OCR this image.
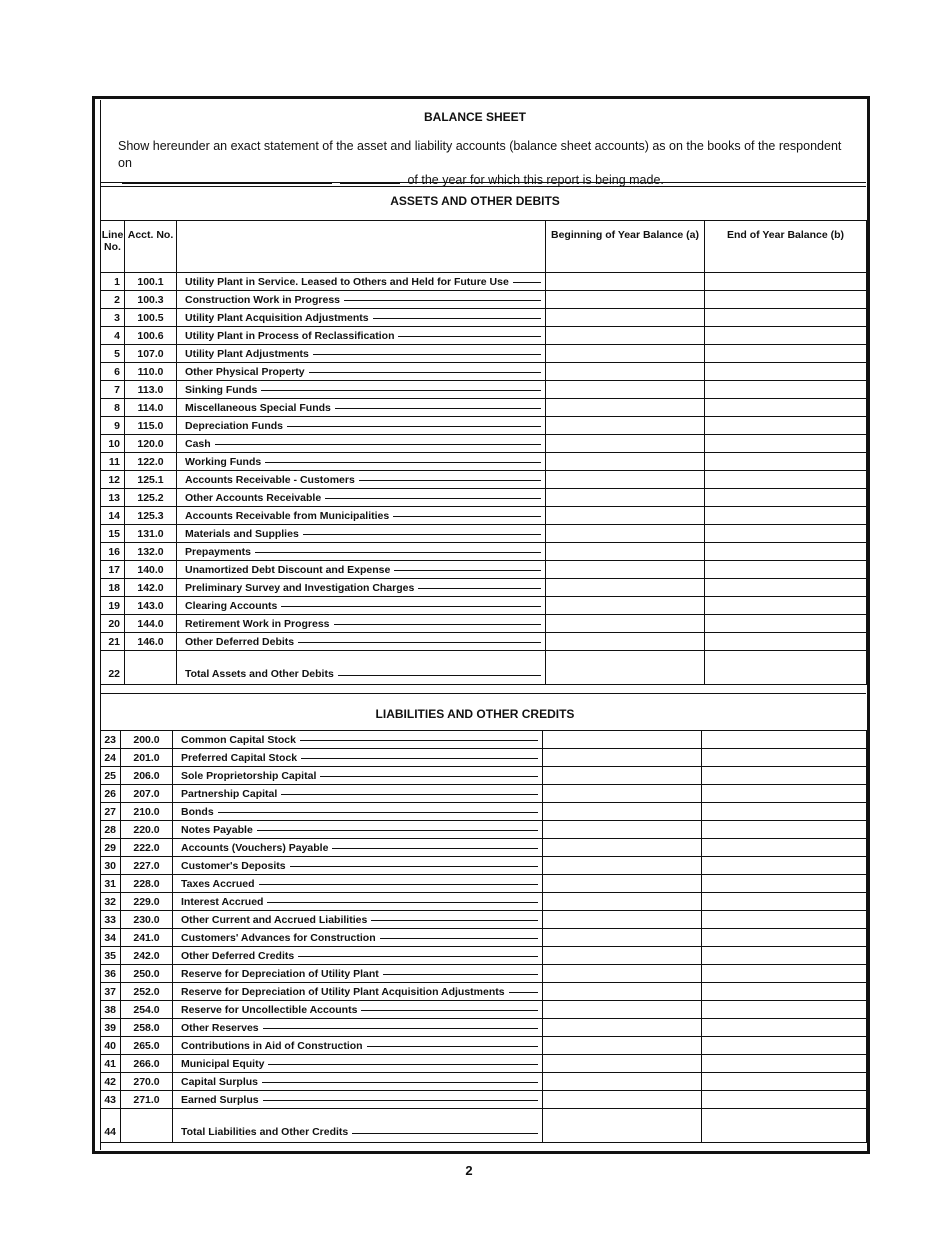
BALANCE SHEET
Show hereunder an exact statement of the asset and liability accounts (balance sheet accounts) as on the books of the respondent on
of the year for which this report is being made.
ASSETS AND OTHER DEBITS
Line No.	Acct. No.		Beginning of Year Balance (a)	End of Year Balance (b)
1	100.1	Utility Plant in Service. Leased to Others and Held for Future Use		

2	100.3	Construction Work in Progress		

3	100.5	Utility Plant Acquisition Adjustments		

4	100.6	Utility Plant in Process of Reclassification		

5	107.0	Utility Plant Adjustments		

6	110.0	Other Physical Property		

7	113.0	Sinking Funds		

8	114.0	Miscellaneous Special Funds		

9	115.0	Depreciation Funds		

10	120.0	Cash		

11	122.0	Working Funds		

12	125.1	Accounts Receivable - Customers		

13	125.2	Other Accounts Receivable		

14	125.3	Accounts Receivable from Municipalities		

15	131.0	Materials and Supplies		

16	132.0	Prepayments		

17	140.0	Unamortized Debt Discount and Expense		

18	142.0	Preliminary Survey and Investigation Charges		

19	143.0	Clearing Accounts		

20	144.0	Retirement Work in Progress		

21	146.0	Other Deferred Debits		

22		Total Assets and Other Debits		

LIABILITIES AND OTHER CREDITS
23	200.0	Common Capital Stock		

24	201.0	Preferred Capital Stock		

25	206.0	Sole Proprietorship Capital		

26	207.0	Partnership Capital		

27	210.0	Bonds		

28	220.0	Notes Payable		

29	222.0	Accounts (Vouchers) Payable		

30	227.0	Customer's Deposits		

31	228.0	Taxes Accrued		

32	229.0	Interest Accrued		

33	230.0	Other Current and Accrued Liabilities		

34	241.0	Customers' Advances for Construction		

35	242.0	Other Deferred Credits		

36	250.0	Reserve for Depreciation of Utility Plant		

37	252.0	Reserve for Depreciation of Utility Plant Acquisition Adjustments		

38	254.0	Reserve for Uncollectible Accounts		

39	258.0	Other Reserves		

40	265.0	Contributions in Aid of Construction		

41	266.0	Municipal Equity		

42	270.0	Capital Surplus		

43	271.0	Earned Surplus		

44		Total Liabilities and Other Credits		

2
